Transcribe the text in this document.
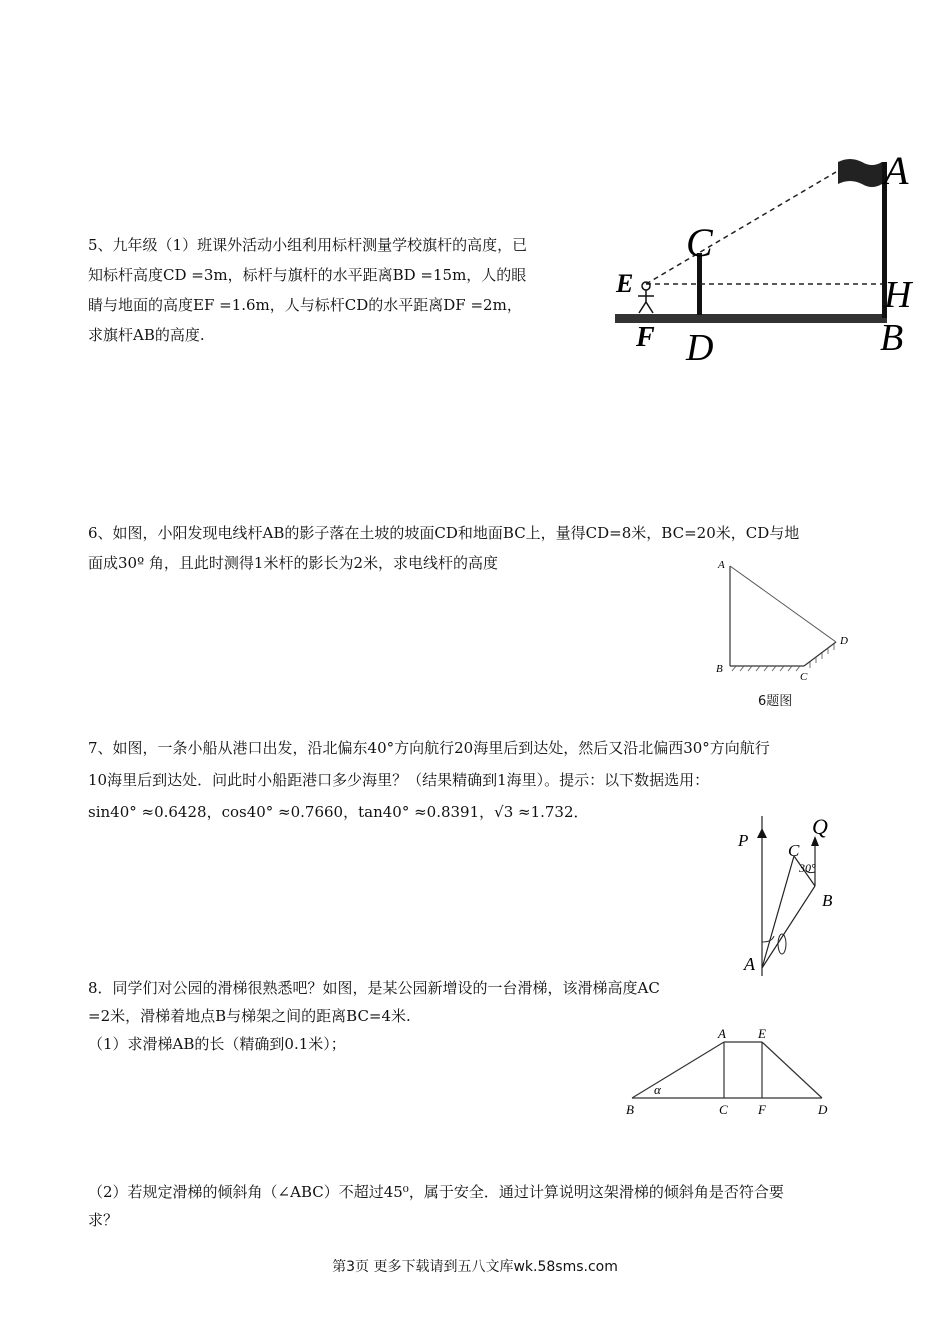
5、九年级（1）班课外活动小组利用标杆测量学校旗杆的高度，已
知标杆高度CD =3m，标杆与旗杆的水平距离BD =15m，人的眼
睛与地面的高度EF =1.6m，人与标杆CD的水平距离DF =2m，
求旗杆AB的高度.
A
C
E	H
F D	B
6、如图，小阳发现电线杆AB的影子落在土坡的坡面CD和地面BC上，量得CD=8米，BC=20米，CD与地
面成30º 角，且此时测得1米杆的影长为2米，求电线杆的高度	A
B
C
D
6题图
7、如图，一条小船从港口出发，沿北偏东40°方向航行20海里后到达处，然后又沿北偏西30°方向航行
10海里后到达处．问此时小船距港口多少海里？（结果精确到1海里）。提示：以下数据选用：
sin40° ≈0.6428，cos40° ≈0.7660，tan40° ≈0.8391，√3 ≈1.732．
P
Q
C
30°
B
A
8．同学们对公园的滑梯很熟悉吧？如图，是某公园新增设的一台滑梯，该滑梯高度AC
=2米，滑梯着地点B与梯架之间的距离BC=4米.
（1）求滑梯AB的长（精确到0.1米）；
A E
B	C F	D
α
（2）若规定滑梯的倾斜角（∠ABC）不超过45⁰，属于安全．通过计算说明这架滑梯的倾斜角是否符合要
求？
第3页 更多下载请到五八文库wk.58sms.com
